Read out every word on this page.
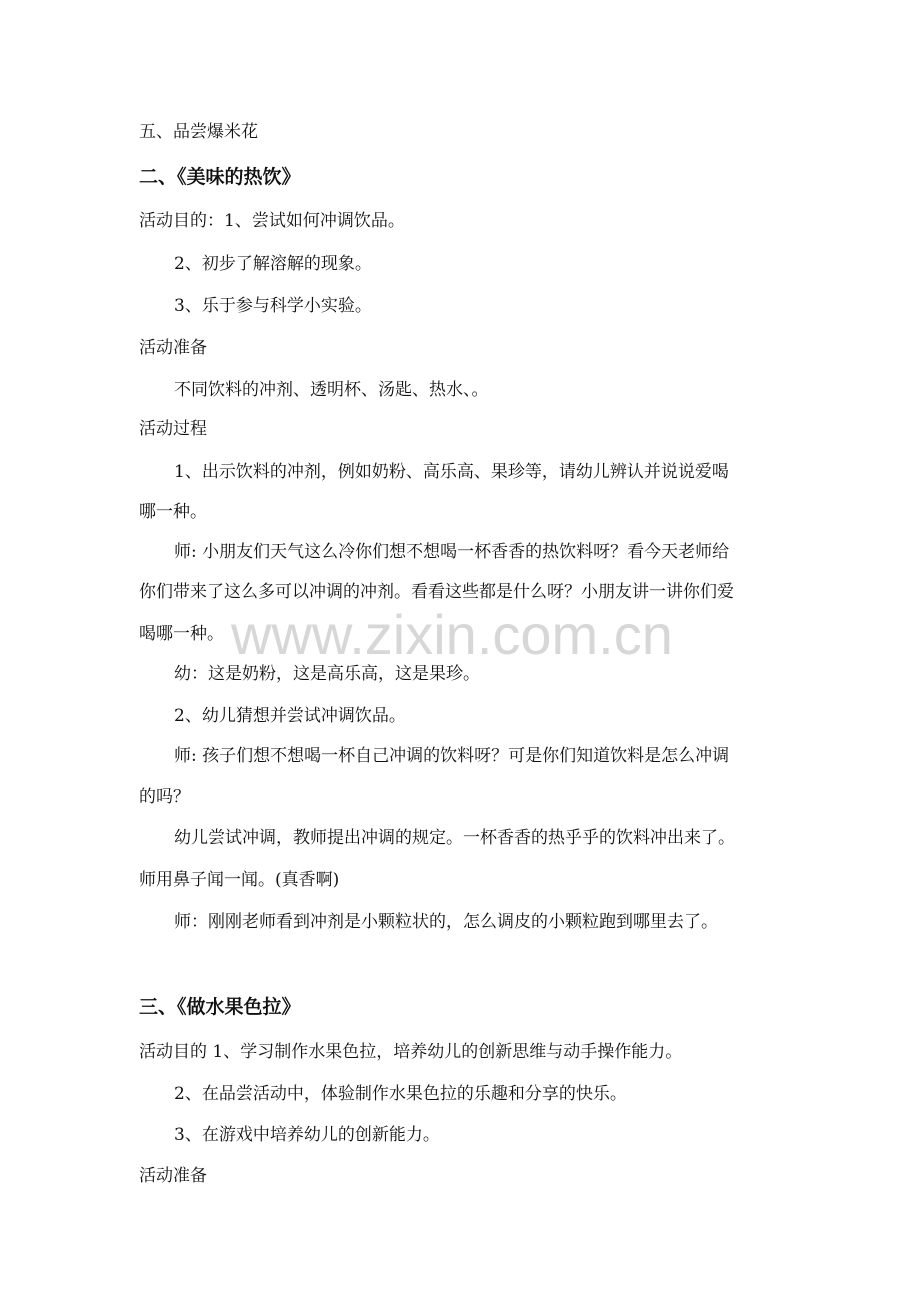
www.zixin.com.cn
五、品尝爆米花
二、《美味的热饮》
活动目的：1、尝试如何冲调饮品。
2、初步了解溶解的现象。
3、乐于参与科学小实验。
活动准备
不同饮料的冲剂、透明杯、汤匙、热水、。
活动过程
1、出示饮料的冲剂，例如奶粉、高乐高、果珍等，请幼儿辨认并说说爱喝
哪一种。
师: 小朋友们天气这么冷你们想不想喝一杯香香的热饮料呀？看今天老师给
你们带来了这么多可以冲调的冲剂。看看这些都是什么呀？小朋友讲一讲你们爱
喝哪一种。
幼：这是奶粉，这是高乐高，这是果珍。
2、幼儿猜想并尝试冲调饮品。
师: 孩子们想不想喝一杯自己冲调的饮料呀？可是你们知道饮料是怎么冲调
的吗？
幼儿尝试冲调，教师提出冲调的规定。一杯香香的热乎乎的饮料冲出来了。
师用鼻子闻一闻。(真香啊)
师：刚刚老师看到冲剂是小颗粒状的，怎么调皮的小颗粒跑到哪里去了。
三、《做水果色拉》
活动目的 1、学习制作水果色拉，培养幼儿的创新思维与动手操作能力。
2、在品尝活动中，体验制作水果色拉的乐趣和分享的快乐。
3、在游戏中培养幼儿的创新能力。
活动准备
